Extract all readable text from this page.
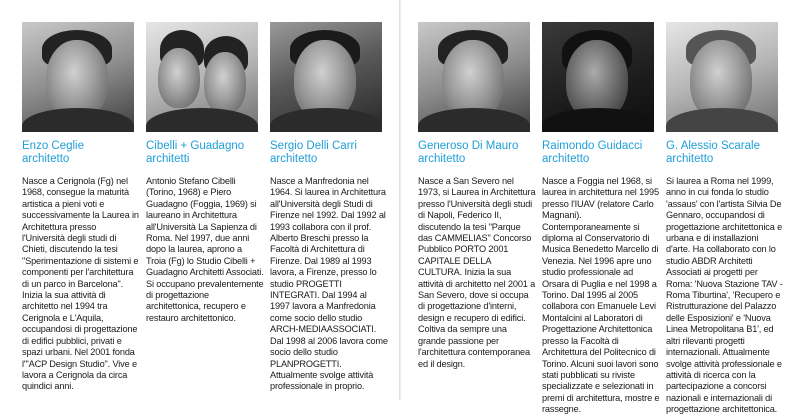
Enzo Ceglie
architetto
Nasce a Cerignola (Fg) nel 1968, consegue la maturità artistica a pieni voti e successivamente la Laurea in Architettura presso l'Università degli studi di Chieti, discutendo la tesi "Sperimentazione di sistemi e componenti per l'architettura di un parco in Barcelona". Inizia la sua attività di architetto nel 1994 tra Cerignola e L'Aquila, occupandosi di progettazione di edifici pubblici, privati e spazi urbani. Nel 2001 fonda l'"ACP Design Studio". Vive e lavora a Cerignola da circa quindici anni.
Cibelli + Guadagno
architetti
Antonio Stefano Cibelli (Torino, 1968) e Piero Guadagno (Foggia, 1969) si laureano in Architettura all'Università La Sapienza di Roma. Nel 1997, due anni dopo la laurea, aprono a Troia (Fg) lo Studio Cibelli + Guadagno Architetti Associati. Si occupano prevalentemente di progettazione architettonica, recupero e restauro architettonico.
Sergio Delli Carri
architetto
Nasce a Manfredonia nel 1964. Si laurea in Architettura all'Università degli Studi di Firenze nel 1992. Dal 1992 al 1993 collabora con il prof. Alberto Breschi presso la Facoltà di Architettura di Firenze. Dal 1989 al 1993 lavora, a Firenze, presso lo studio PROGETTI INTEGRATI. Dal 1994 al 1997 lavora a Manfredonia come socio dello studio ARCH-MEDIAASSOCIATI. Dal 1998 al 2006 lavora come socio dello studio PLANPROGETTI. Attualmente svolge attività professionale in proprio.
Generoso Di Mauro
architetto
Nasce a San Severo nel 1973, si Laurea in Architettura presso l'Università degli studi di Napoli, Federico II, discutendo la tesi "Parque das CAMMELIAS" Concorso Pubblico PORTO 2001 CAPITALE DELLA CULTURA. Inizia la sua attività di architetto nel 2001 a San Severo, dove si occupa di progettazione d'interni, design e recupero di edifici. Coltiva da sempre una grande passione per l'architettura contemporanea ed il design.
Raimondo Guidacci
architetto
Nasce a Foggia nel 1968, si laurea in architettura nel 1995 presso l'IUAV (relatore Carlo Magnani). Contemporaneamente si diploma al Conservatorio di Musica Benedetto Marcello di Venezia. Nel 1996 apre uno studio professionale ad Orsara di Puglia e nel 1998 a Torino. Dal 1995 al 2005 collabora con Emanuele Levi Montalcini al Laboratori di Progettazione Architettonica presso la Facoltà di Architettura del Politecnico di Torino. Alcuni suoi lavori sono stati pubblicati su riviste specializzate e selezionati in premi di architettura, mostre e rassegne.
G. Alessio Scarale
architetto
Si laurea a Roma nel 1999, anno in cui fonda lo studio 'assaus' con l'artista Silvia De Gennaro, occupandosi di progettazione architettonica e urbana e di installazioni d'arte. Ha collaborato con lo studio ABDR Architetti Associati ai progetti per Roma: 'Nuova Stazione TAV - Roma Tiburtina', 'Recupero e Ristrutturazione del Palazzo delle Esposizioni' e 'Nuova Linea Metropolitana B1', ed altri rilevanti progetti internazionali. Attualmente svolge attività professionale e attività di ricerca con la partecipazione a concorsi nazionali e internazionali di progettazione architettonica.
